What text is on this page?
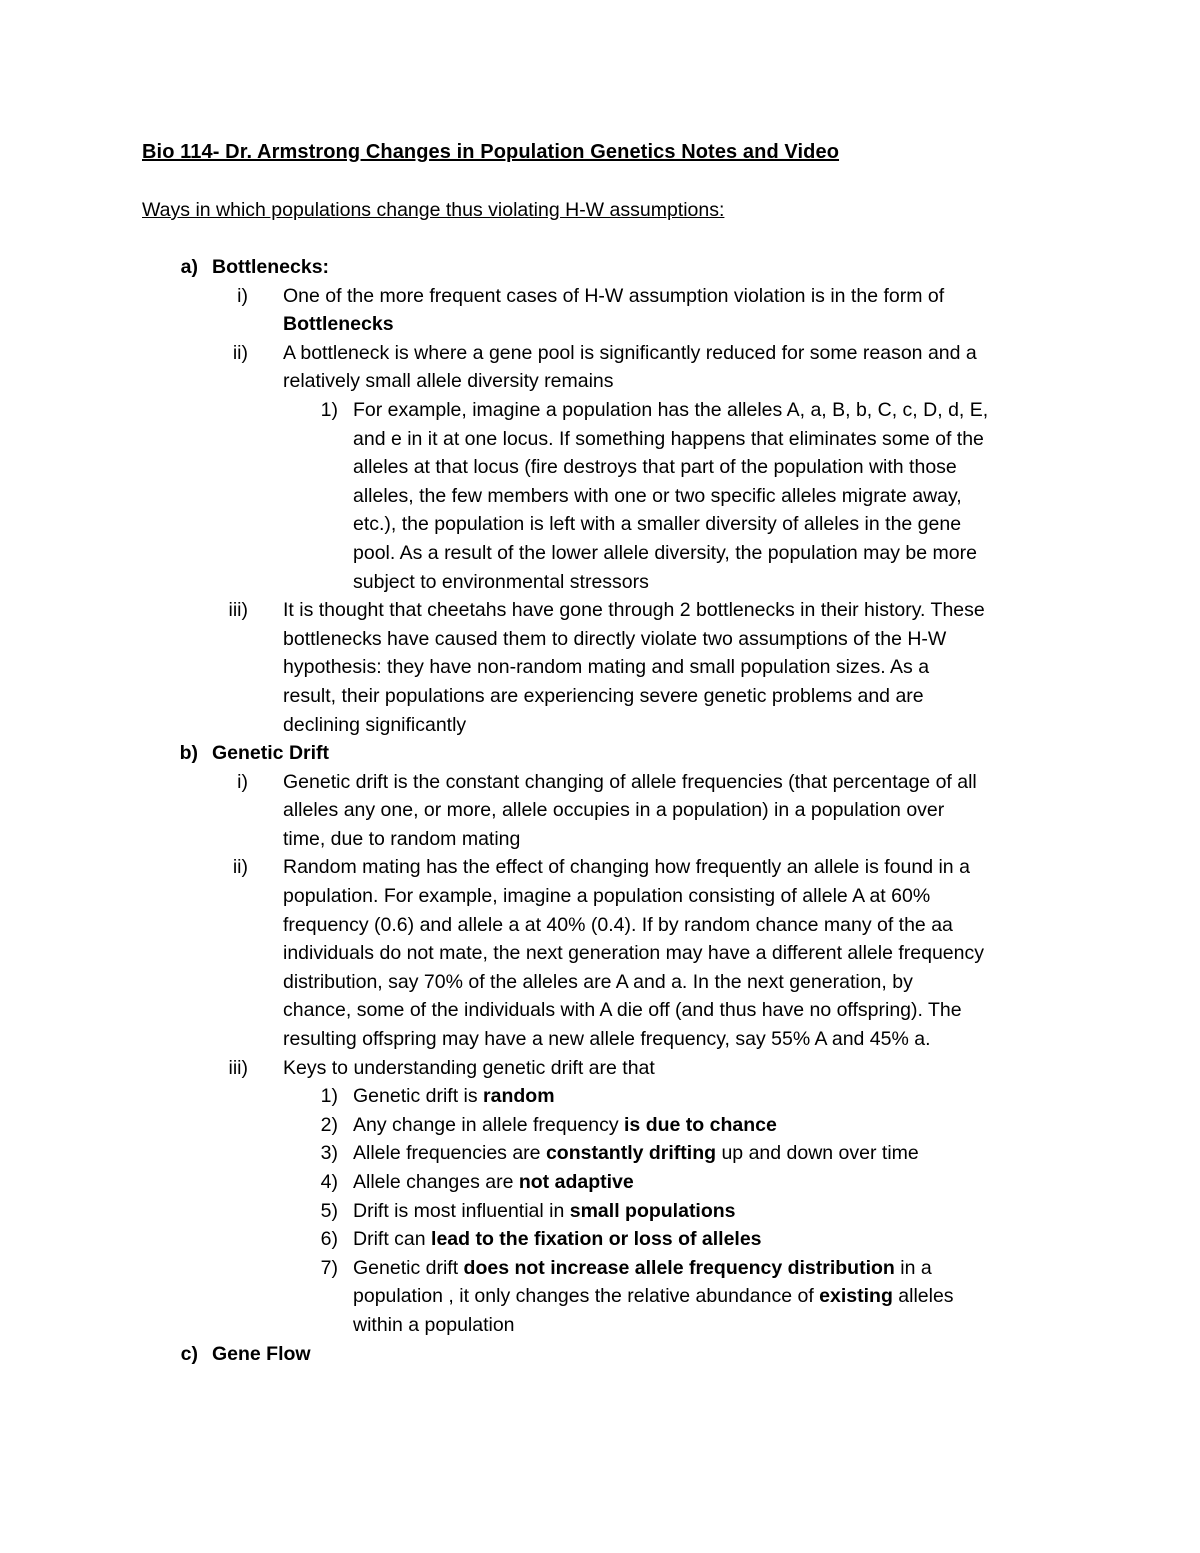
Bio 114- Dr. Armstrong Changes in Population Genetics Notes and Video
Ways in which populations change thus violating H-W assumptions:
a) Bottlenecks:
i) One of the more frequent cases of H-W assumption violation is in the form of
Bottlenecks
ii) A bottleneck is where a gene pool is significantly reduced for some reason and a
relatively small allele diversity remains
1) For example, imagine a population has the alleles A, a, B, b, C, c, D, d, E,
and e in it at one locus. If something happens that eliminates some of the
alleles at that locus (fire destroys that part of the population with those
alleles, the few members with one or two specific alleles migrate away,
etc.), the population is left with a smaller diversity of alleles in the gene
pool. As a result of the lower allele diversity, the population may be more
subject to environmental stressors
iii) It is thought that cheetahs have gone through 2 bottlenecks in their history. These
bottlenecks have caused them to directly violate two assumptions of the H-W
hypothesis: they have non-random mating and small population sizes. As a
result, their populations are experiencing severe genetic problems and are
declining significantly
b) Genetic Drift
i) Genetic drift is the constant changing of allele frequencies (that percentage of all
alleles any one, or more, allele occupies in a population) in a population over
time, due to random mating
ii) Random mating has the effect of changing how frequently an allele is found in a
population. For example, imagine a population consisting of allele A at 60%
frequency (0.6) and allele a at 40% (0.4). If by random chance many of the aa
individuals do not mate, the next generation may have a different allele frequency
distribution, say 70% of the alleles are A and a. In the next generation, by
chance, some of the individuals with A die off (and thus have no offspring). The
resulting offspring may have a new allele frequency, say 55% A and 45% a.
iii) Keys to understanding genetic drift are that
1) Genetic drift is random
2) Any change in allele frequency is due to chance
3) Allele frequencies are constantly drifting up and down over time
4) Allele changes are not adaptive
5) Drift is most influential in small populations
6) Drift can lead to the fixation or loss of alleles
7) Genetic drift does not increase allele frequency distribution in a
population , it only changes the relative abundance of existing alleles
within a population
c) Gene Flow
